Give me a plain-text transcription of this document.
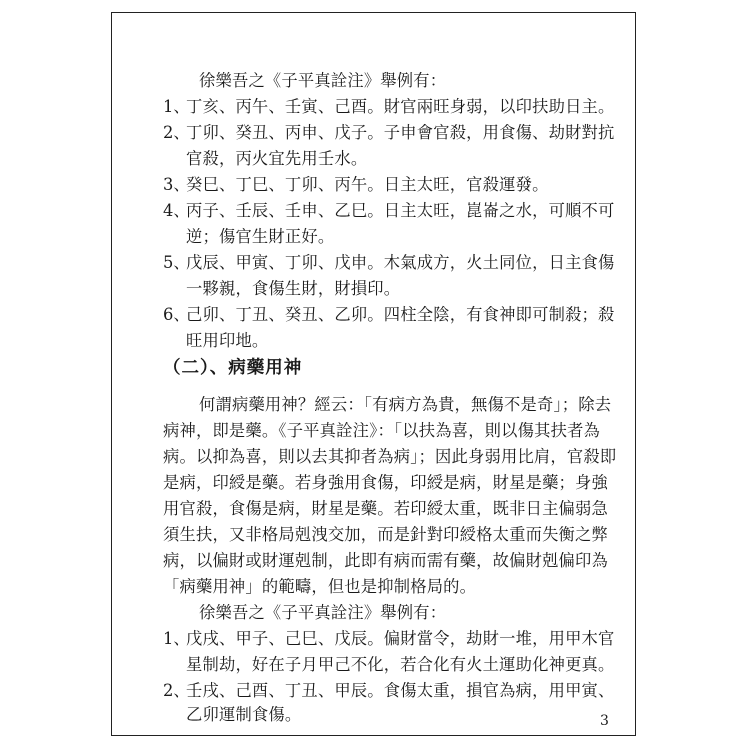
徐樂吾之《子平真詮注》舉例有：
1、
丁亥、丙午、壬寅、己酉。財官兩旺身弱，以印扶助日主。
2、
丁卯、癸丑、丙申、戊子。子申會官殺，用食傷、劫財對抗
官殺，丙火宜先用壬水。
3、
癸巳、丁巳、丁卯、丙午。日主太旺，官殺運發。
4、
丙子、壬辰、壬申、乙巳。日主太旺，崑崙之水，可順不可
逆；傷官生財正好。
5、
戊辰、甲寅、丁卯、戊申。木氣成方，火土同位，日主食傷
一夥親，食傷生財，財損印。
6、
己卯、丁丑、癸丑、乙卯。四柱全陰，有食神即可制殺；殺
旺用印地。
（二）、病藥用神
何謂病藥用神？經云：「有病方為貴，無傷不是奇」；除去
病神，即是藥。《子平真詮注》：「以扶為喜，則以傷其扶者為
病。以抑為喜，則以去其抑者為病」；因此身弱用比肩，官殺即
是病，印綬是藥。若身強用食傷，印綬是病，財星是藥；身強
用官殺，食傷是病，財星是藥。若印綬太重，既非日主偏弱急
須生扶，又非格局剋洩交加，而是針對印綬格太重而失衡之弊
病，以偏財或財運剋制，此即有病而需有藥，故偏財剋偏印為
「病藥用神」的範疇，但也是抑制格局的。
徐樂吾之《子平真詮注》舉例有：
1、
戊戌、甲子、己巳、戊辰。偏財當令，劫財一堆，用甲木官
星制劫，好在子月甲己不化，若合化有火土運助化神更真。
2、
壬戌、己酉、丁丑、甲辰。食傷太重，損官為病，用甲寅、
乙卯運制食傷。	3
